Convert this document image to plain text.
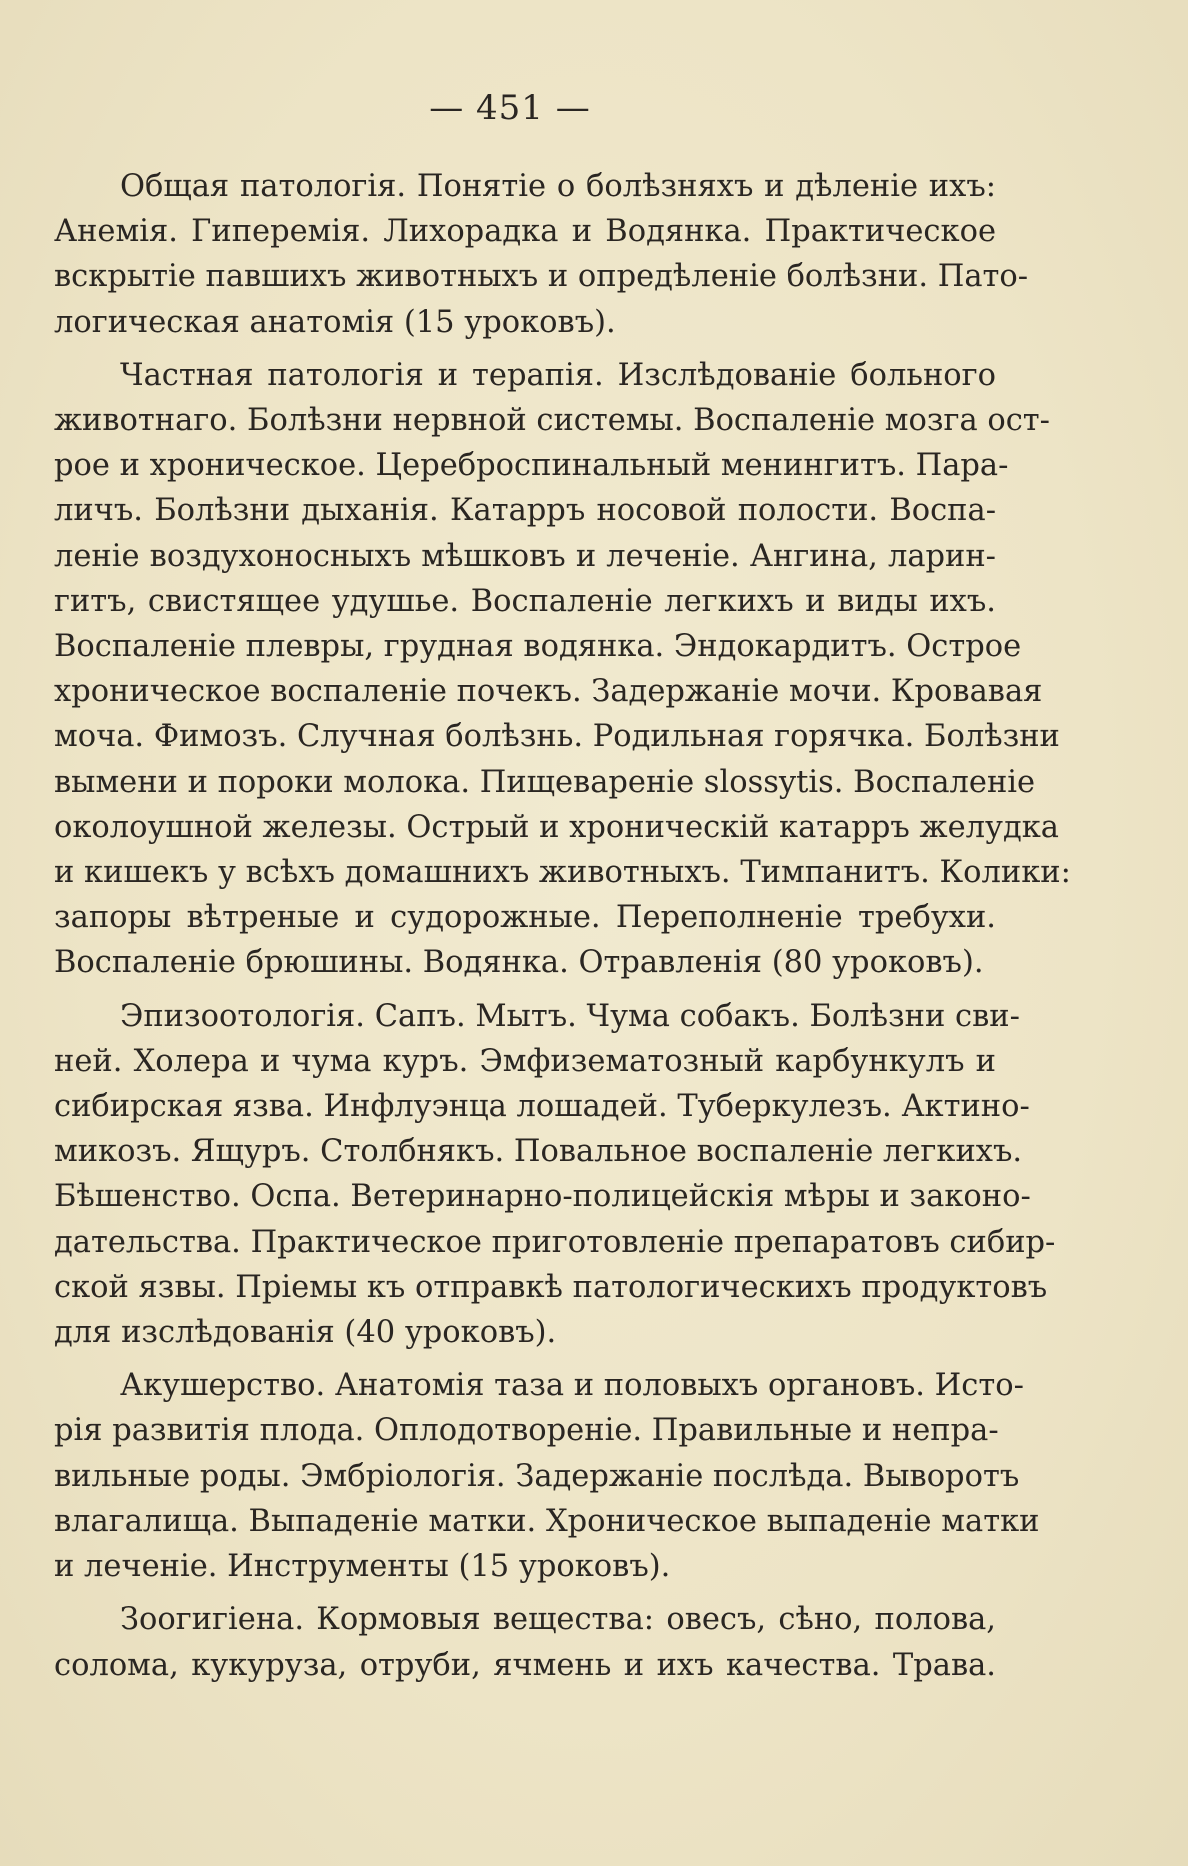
— 451 —
Общая патологія. Понятіе о болѣзняхъ и дѣленіе ихъ:
Анемія. Гиперемія. Лихорадка и Водянка. Практическое
вскрытіе павшихъ животныхъ и опредѣленіе болѣзни. Пато-
логическая анатомія (15 уроковъ).
Частная патологія и терапія. Изслѣдованіе больного
животнаго. Болѣзни нервной системы. Воспаленіе мозга ост-
рое и хроническое. Цереброспинальный менингитъ. Пара-
личъ. Болѣзни дыханія. Катарръ носовой полости. Воспа-
леніе воздухоносныхъ мѣшковъ и леченіе. Ангина, ларин-
гитъ, свистящее удушье. Воспаленіе легкихъ и виды ихъ.
Воспаленіе плевры, грудная водянка. Эндокардитъ. Острое
хроническое воспаленіе почекъ. Задержаніе мочи. Кровавая
моча. Фимозъ. Случная болѣзнь. Родильная горячка. Болѣзни
вымени и пороки молока. Пищевареніе slossytis. Воспаленіе
околоушной железы. Острый и хроническій катарръ желудка
и кишекъ у всѣхъ домашнихъ животныхъ. Тимпанитъ. Колики:
запоры вѣтреные и судорожные. Переполненіе требухи.
Воспаленіе брюшины. Водянка. Отравленія (80 уроковъ).
Эпизоотологія. Сапъ. Мытъ. Чума собакъ. Болѣзни сви-
ней. Холера и чума куръ. Эмфизематозный карбункулъ и
сибирская язва. Инфлуэнца лошадей. Туберкулезъ. Актино-
микозъ. Ящуръ. Столбнякъ. Повальное воспаленіе легкихъ.
Бѣшенство. Оспа. Ветеринарно-полицейскія мѣры и законо-
дательства. Практическое приготовленіе препаратовъ сибир-
ской язвы. Пріемы къ отправкѣ патологическихъ продуктовъ
для изслѣдованія (40 уроковъ).
Акушерство. Анатомія таза и половыхъ органовъ. Исто-
рія развитія плода. Оплодотвореніе. Правильные и непра-
вильные роды. Эмбріологія. Задержаніе послѣда. Выворотъ
влагалища. Выпаденіе матки. Хроническое выпаденіе матки
и леченіе. Инструменты (15 уроковъ).
Зоогигіена. Кормовыя вещества: овесъ, сѣно, полова,
солома, кукуруза, отруби, ячмень и ихъ качества. Трава.
